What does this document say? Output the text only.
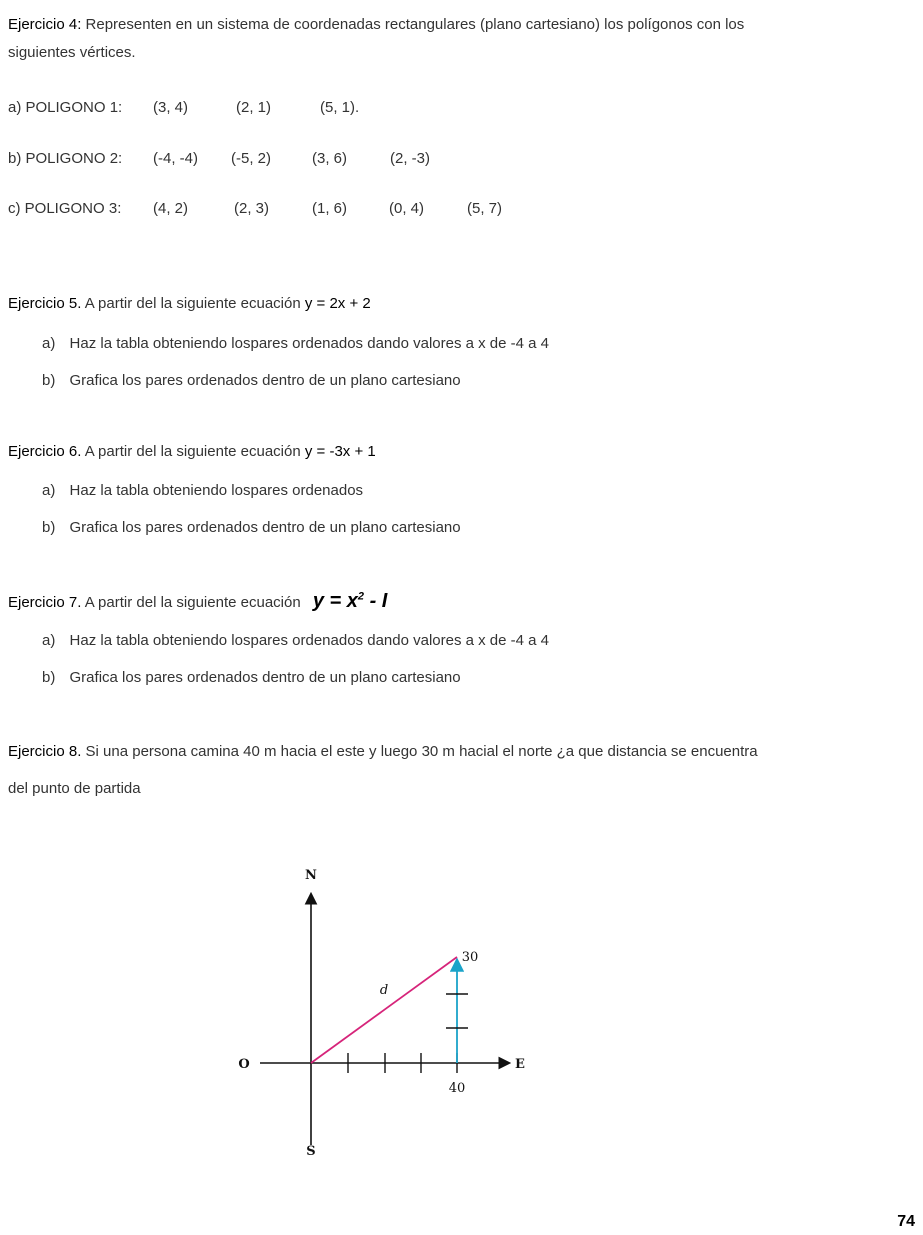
Ejercicio 4: Representen en un sistema de coordenadas rectangulares (plano cartesiano) los polígonos con los
siguientes vértices.
a) POLIGONO 1: (3, 4)	(2, 1)	(5, 1).
b) POLIGONO 2: (-4, -4) (-5, 2)	(3, 6)	(2, -3)
c) POLIGONO 3: (4, 2)	(2, 3)	(1, 6)	(0, 4)	(5, 7)
Ejercicio 5. A partir del la siguiente ecuación y = 2x + 2
a) Haz la tabla obteniendo lospares ordenados dando valores a x de -4 a 4
b) Grafica los pares ordenados dentro de un plano cartesiano
Ejercicio 6. A partir del la siguiente ecuación y = -3x + 1
a) Haz la tabla obteniendo lospares ordenados
b) Grafica los pares ordenados dentro de un plano cartesiano
Ejercicio 7. A partir del la siguiente ecuación $y = x^2 - I$
a) Haz la tabla obteniendo lospares ordenados dando valores a x de -4 a 4
b) Grafica los pares ordenados dentro de un plano cartesiano
Ejercicio 8. Si una persona camina 40 m hacia el este y luego 30 m hacial el norte ¿a que distancia se encuentra
del punto de partida
N
S
E
O
d
30
40
74
